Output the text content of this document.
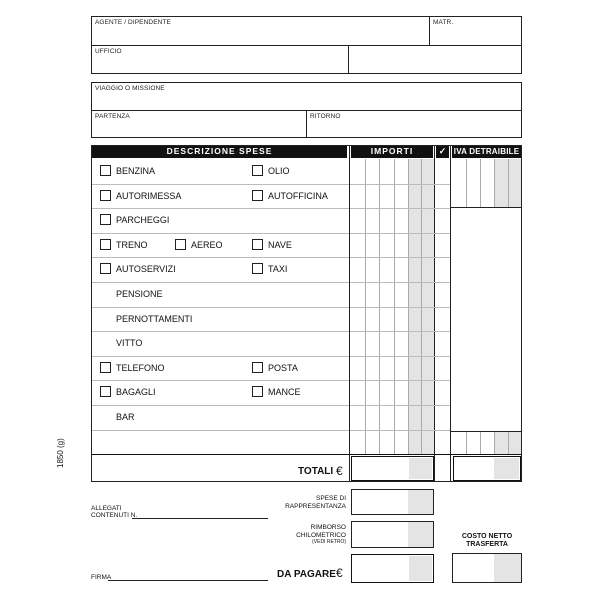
AGENTE / DIPENDENTE	MATR.
UFFICIO
VIAGGIO O MISSIONE
PARTENZA	RITORNO
DESCRIZIONE SPESE	IMPORTI	✓ IVA DETRAIBILE
BENZINA	OLIO
AUTORIMESSA	AUTOFFICINA
PARCHEGGI
TRENO	AEREO	NAVE
AUTOSERVIZI	TAXI
PENSIONE
PERNOTTAMENTI
VITTO
TELEFONO	POSTA
BAGAGLI	MANCE
BAR
TOTALI €
1850 (g)
ALLEGATI
CONTENUTI N.
SPESE DI
RAPPRESENTANZA
RIMBORSO
CHILOMETRICO
(VEDI RETRO)
COSTO NETTO
TRASFERTA
FIRMA	DA PAGARE €
